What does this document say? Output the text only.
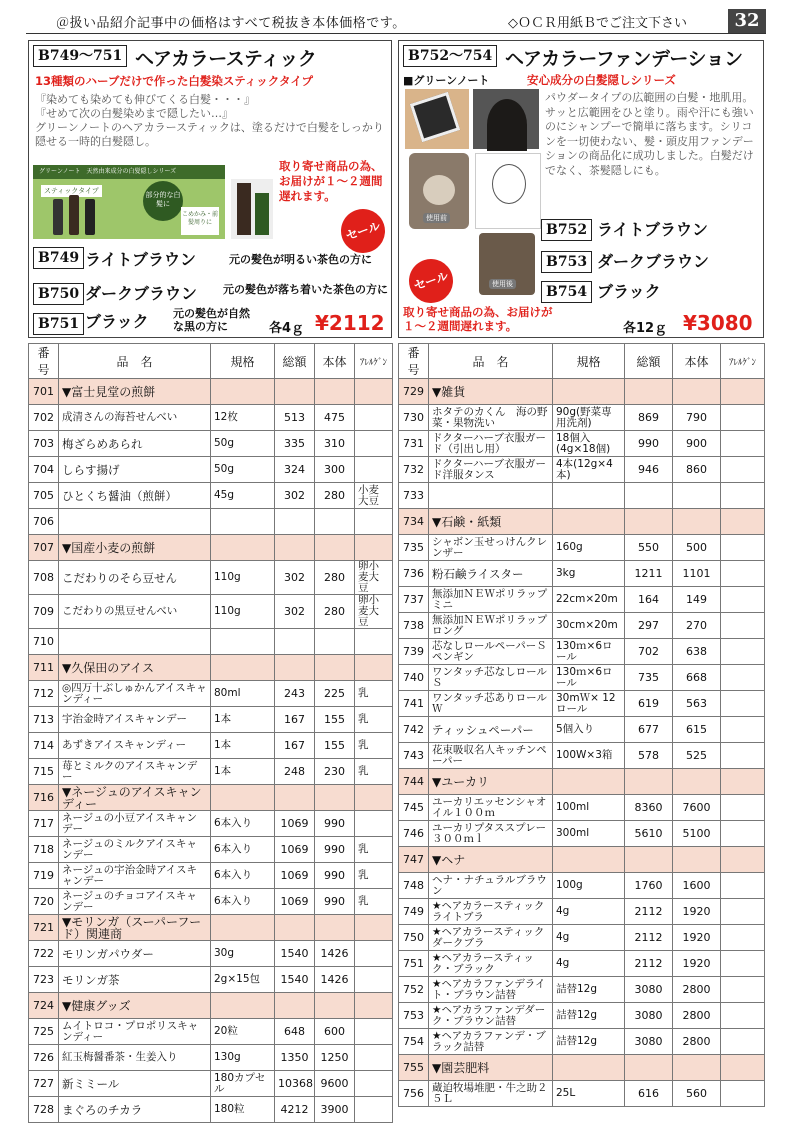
＠扱い品紹介記事中の価格はすべて税抜き本体価格です。	◇ＯＣＲ用紙Ｂでご注文下さい	32
B749～751 ヘアカラースティック
13種類のハーブだけで作った白髪染スティックタイプ
『染めても染めても伸びてくる白髪・・・』
『せめて次の白髪染めまで隠したい…』
グリーンノートのヘアカラースティックは、塗るだけで白髪をしっかり隠せる一時的白髪隠し。
グリーンノート　天然由来成分の白髪隠しシリーズ
スティックタイプ	部分的な白髪に
こめかみ・前髪周りに
取り寄せ商品の為、お届けが１～２週間遅れます。
セール
B749 ライトブラウン	元の髪色が明るい茶色の方に
B750 ダークブラウン 元の髪色が落ち着いた茶色の方に
B751 ブラック 元の髪色が自然な黒の方に	各4ｇ ¥2112
B752～754 ヘアカラーファンデーション
■グリーンノート	安心成分の白髪隠しシリーズ
パウダータイプの広範囲の白髪・地肌用。サッと広範囲をひと塗り。雨や汗にも強いのにシャンプーで簡単に落ちます。シリコンを一切使わない、髪・頭皮用ファンデーションの商品化に成功しました。白髪だけでなく、茶髪隠しにも。
使用前
B752 ライトブラウン
使用後
セール
B753 ダークブラウン
B754 ブラック
取り寄せ商品の為、お届けが１～２週間遅れます。	各12ｇ ¥3080
番号	品　名	規格	総額	本体	ｱﾚﾙｹﾞﾝ
701	▼富士見堂の煎餅				
702	成清さんの海苔せんべい	12枚	513	475	
703	梅ざらめあられ	50g	335	310	
704	しらす揚げ	50g	324	300	
705	ひとくち醤油（煎餅）	45g	302	280	小麦大豆
706					
707	▼国産小麦の煎餅				
708	こだわりのそら豆せん	110g	302	280	卵小麦大豆
709	こだわりの黒豆せんべい	110g	302	280	卵小麦大豆
710					
711	▼久保田のアイス				
712	◎四万十ぶしゅかんアイスキャンディー	80ml	243	225	乳
713	宇治金時アイスキャンデー	1本	167	155	乳
714	あずきアイスキャンディー	1本	167	155	乳
715	苺とミルクのアイスキャンデー	1本	248	230	乳
716	▼ネージュのアイスキャンディー				
717	ネージュの小豆アイスキャンデー	6本入り	1069	990	
718	ネージュのミルクアイスキャンデー	6本入り	1069	990	乳
719	ネージュの宇治金時アイスキャンデー	6本入り	1069	990	乳
720	ネージュのチョコアイスキャンデー	6本入り	1069	990	乳
721	▼モリンガ（スーパーフード）関連商				
722	モリンガパウダー	30g	1540	1426	
723	モリンガ茶	2g×15包	1540	1426	
724	▼健康グッズ				
725	ムイトロコ・プロポリスキャンディー	20粒	648	600	
726	紅玉梅醤番茶・生姜入り	130g	1350	1250	
727	新ミミール	180カプセル	10368	9600	
728	まぐろのチカラ	180粒	4212	3900	
番号	品　名	規格	総額	本体	ｱﾚﾙｹﾞﾝ
729	▼雑貨				
730	ホタテのカくん　海の野菜・果物洗い	90g(野菜専用洗剤)	869	790	
731	ドクターハーブ衣服ガード（引出し用）	18個入(4g×18個)	990	900	
732	ドクターハーブ衣服ガード洋服タンス	4本(12g×4本)	946	860	
733					
734	▼石鹸・紙類				
735	シャボン玉せっけんクレンザー	160g	550	500	
736	粉石鹸ライスター	3kg	1211	1101	
737	無添加ＮＥＷポリラップミニ	22cm×20m	164	149	
738	無添加ＮＥＷポリラップロング	30cm×20m	297	270	
739	芯なしロールペーパーＳ　ペンギン	130ｍ×6ロール	702	638	
740	ワンタッチ芯なしロールＳ	130ｍ×6ロール	735	668	
741	ワンタッチ芯ありロールＷ	30mＷ× 12ロール	619	563	
742	ティッシュペーパー	5個入り	677	615	
743	花束吸収名人キッチンペーパー	100W×3箱	578	525	
744	▼ユーカリ				
745	ユーカリエッセンシャオイル１００ｍ	100ml	8360	7600	
746	ユーカリプタススプレー３００ｍｌ	300ml	5610	5100	
747	▼ヘナ				
748	ヘナ・ナチュラルブラウン	100g	1760	1600	
749	★ヘアカラースティックライトブラ	4g	2112	1920	
750	★ヘアカラースティックダークブラ	4g	2112	1920	
751	★ヘアカラースティック・ブラック	4g	2112	1920	
752	★ヘアカラファンデライト・ブラウン詰替	詰替12g	3080	2800	
753	★ヘアカラファンデダーク・ブラウン詰替	詰替12g	3080	2800	
754	★ヘアカラファンデ・ブラック詰替	詰替12g	3080	2800	
755	▼園芸肥料				
756	蔵迫牧場堆肥・牛之助２５Ｌ	25L	616	560	
